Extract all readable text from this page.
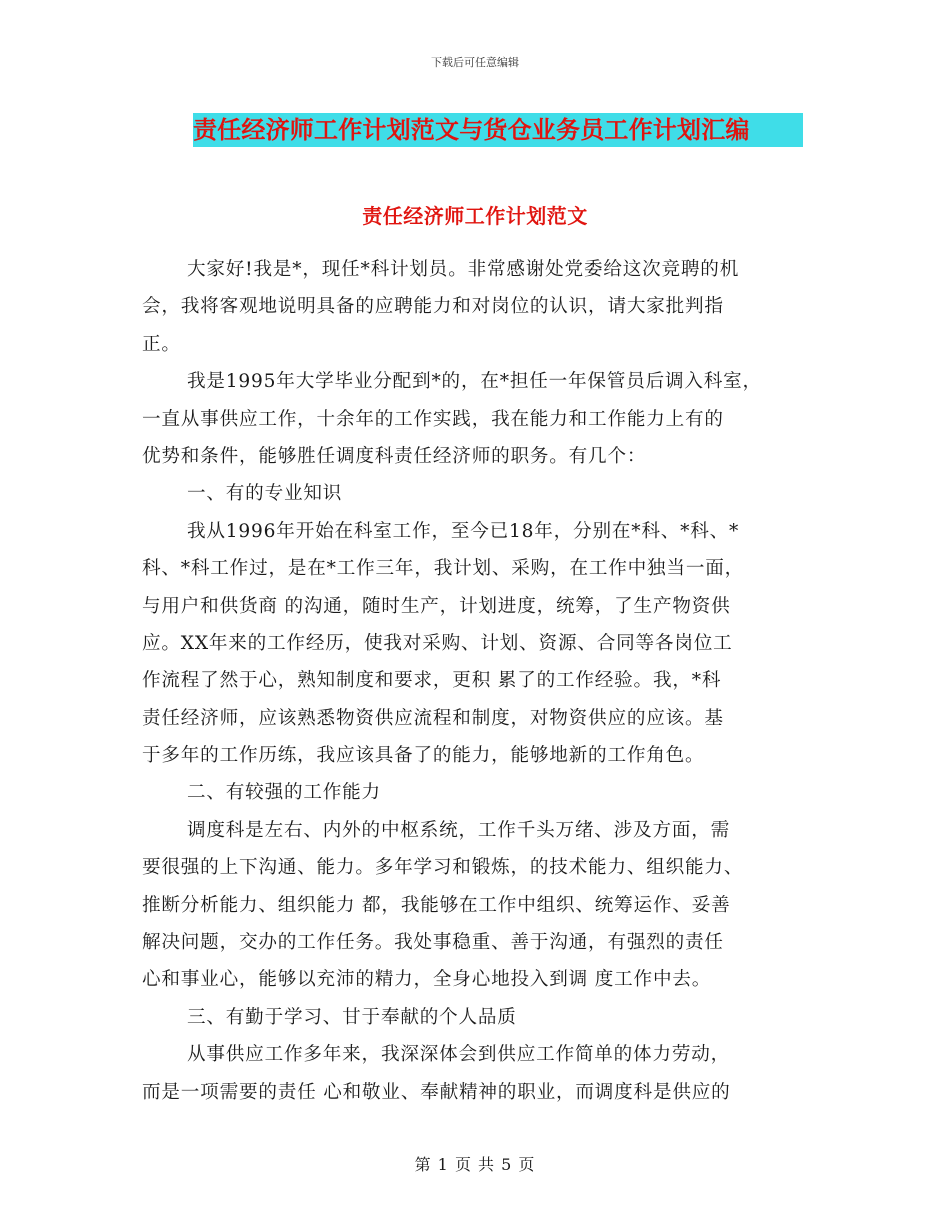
下载后可任意编辑
责任经济师工作计划范文与货仓业务员工作计划汇编
责任经济师工作计划范文
大家好!我是*，现任*科计划员。非常感谢处党委给这次竞聘的机
会，我将客观地说明具备的应聘能力和对岗位的认识，请大家批判指
正。
我是1995年大学毕业分配到*的，在*担任一年保管员后调入科室，
一直从事供应工作，十余年的工作实践，我在能力和工作能力上有的
优势和条件，能够胜任调度科责任经济师的职务。有几个：
一、有的专业知识
我从1996年开始在科室工作，至今已18年，分别在*科、*科、*
科、*科工作过，是在*工作三年，我计划、采购，在工作中独当一面，
与用户和供货商 的沟通，随时生产，计划进度，统筹，了生产物资供
应。XX年来的工作经历，使我对采购、计划、资源、合同等各岗位工
作流程了然于心，熟知制度和要求，更积 累了的工作经验。我，*科
责任经济师，应该熟悉物资供应流程和制度，对物资供应的应该。基
于多年的工作历练，我应该具备了的能力，能够地新的工作角色。
二、有较强的工作能力
调度科是左右、内外的中枢系统，工作千头万绪、涉及方面，需
要很强的上下沟通、能力。多年学习和锻炼，的技术能力、组织能力、
推断分析能力、组织能力 都，我能够在工作中组织、统筹运作、妥善
解决问题，交办的工作任务。我处事稳重、善于沟通，有强烈的责任
心和事业心，能够以充沛的精力，全身心地投入到调 度工作中去。
三、有勤于学习、甘于奉献的个人品质
从事供应工作多年来，我深深体会到供应工作简单的体力劳动，
而是一项需要的责任 心和敬业、奉献精神的职业，而调度科是供应的
第 1 页 共 5 页
